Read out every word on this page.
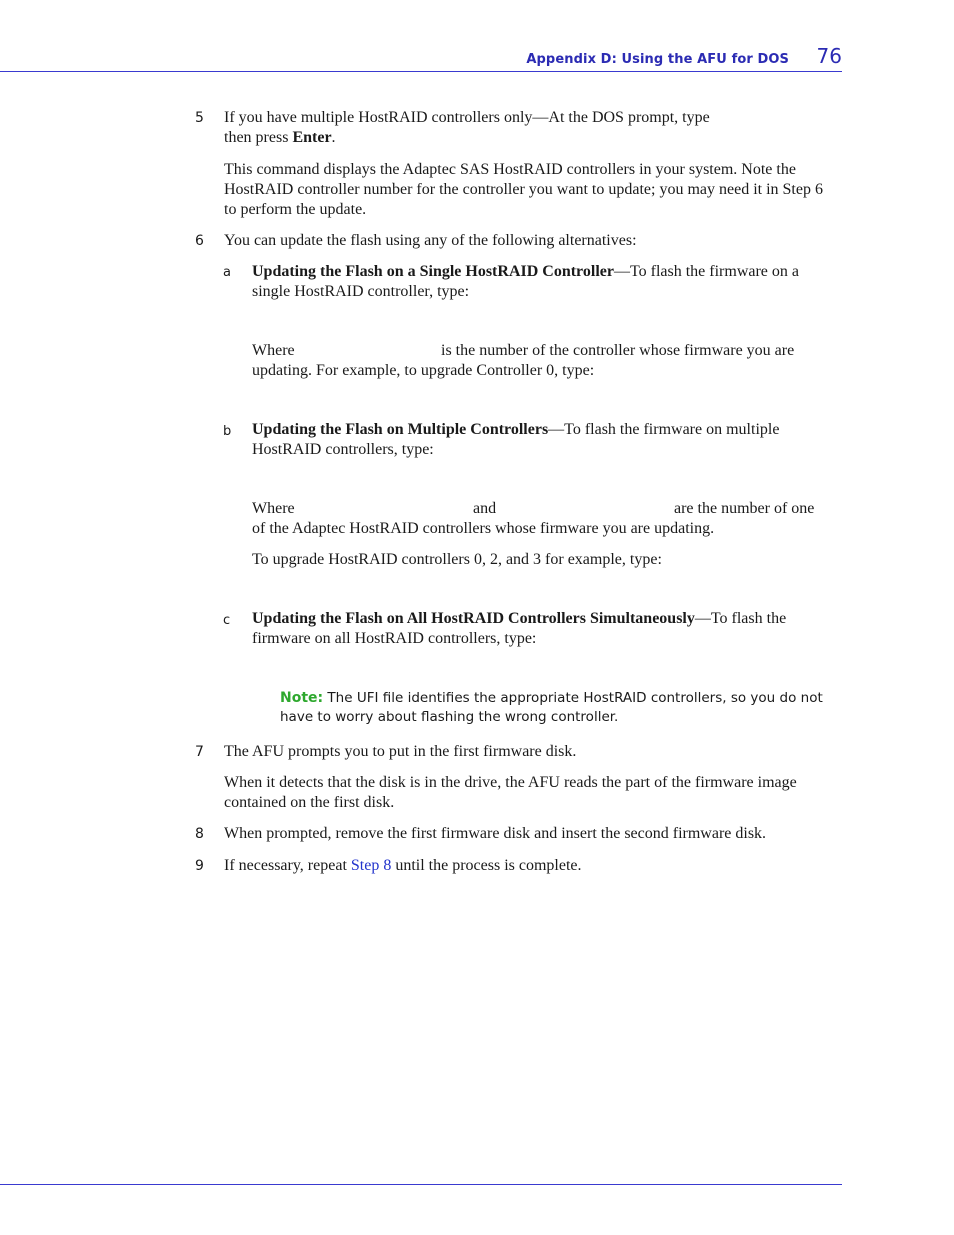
Appendix D: Using the AFU for DOS 76
5 If you have multiple HostRAID controllers only—At the DOS prompt, type
then press Enter.
This command displays the Adaptec SAS HostRAID controllers in your system. Note the HostRAID controller number for the controller you want to update; you may need it in Step 6 to perform the update.
6 You can update the flash using any of the following alternatives:
a Updating the Flash on a Single HostRAID Controller—To flash the firmware on a single HostRAID controller, type:
Where	is the number of the controller whose firmware you are
updating. For example, to upgrade Controller 0, type:
b Updating the Flash on Multiple Controllers—To flash the firmware on multiple HostRAID controllers, type:
Where	and	are the number of one
of the Adaptec HostRAID controllers whose firmware you are updating.
To upgrade HostRAID controllers 0, 2, and 3 for example, type:
c Updating the Flash on All HostRAID Controllers Simultaneously—To flash the firmware on all HostRAID controllers, type:
Note: The UFI file identifies the appropriate HostRAID controllers, so you do not have to worry about flashing the wrong controller.
7 The AFU prompts you to put in the first firmware disk.
When it detects that the disk is in the drive, the AFU reads the part of the firmware image contained on the first disk.
8 When prompted, remove the first firmware disk and insert the second firmware disk.
9 If necessary, repeat Step 8 until the process is complete.
